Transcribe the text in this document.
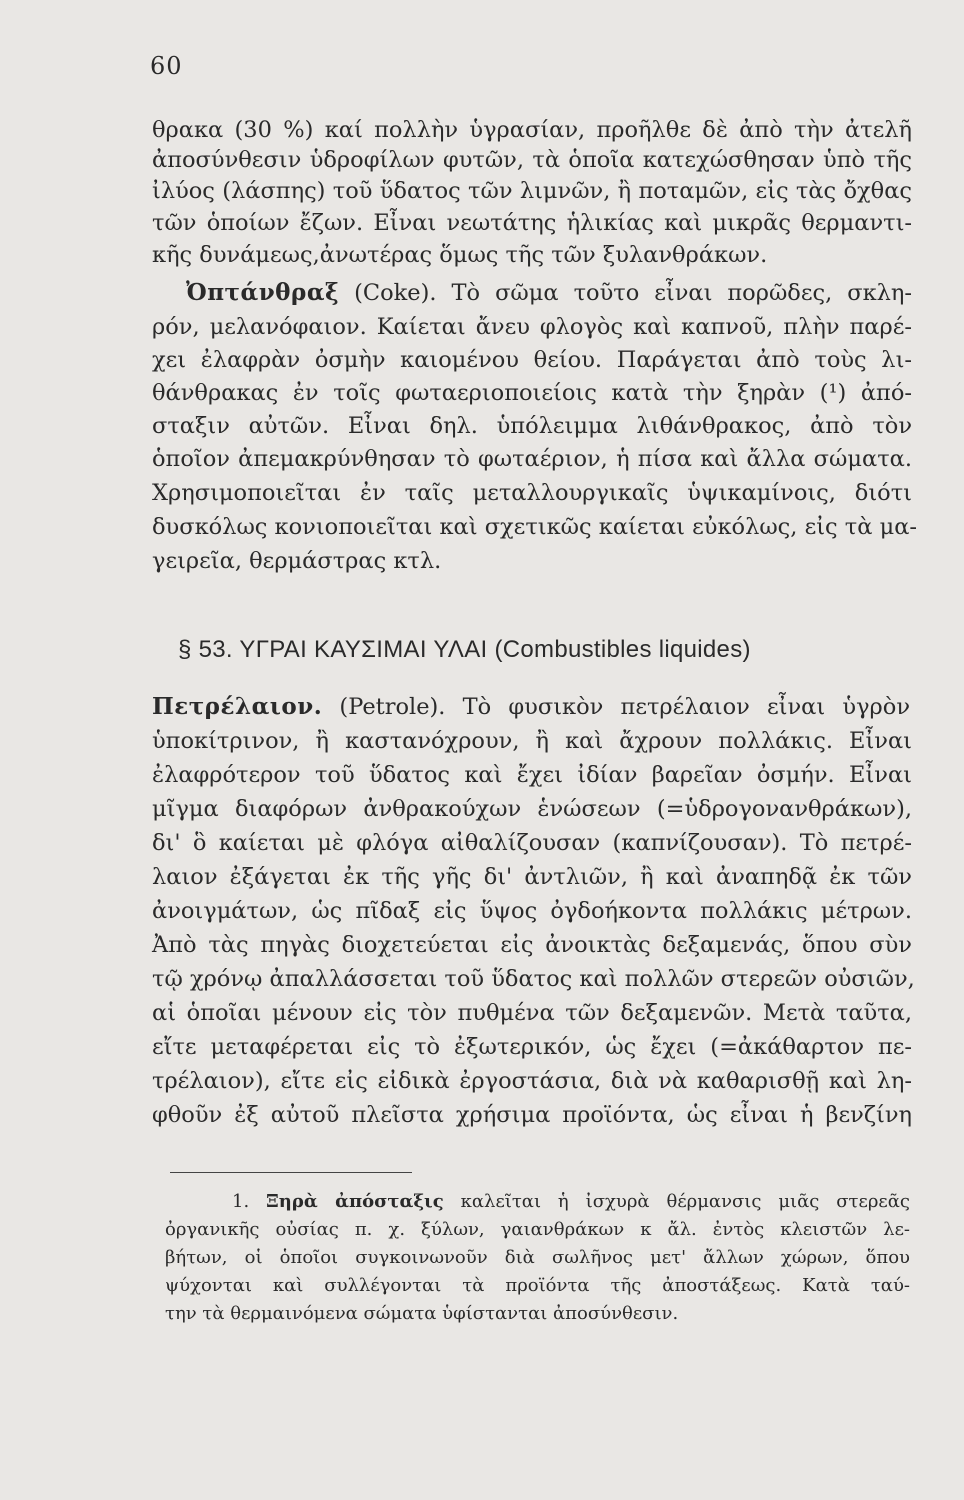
60
θρακα (30 %) καί πολλὴν ὑγρασίαν, προῆλθε δὲ ἀπὸ τὴν ἀτελῆ
ἀποσύνθεσιν ὑδροφίλων φυτῶν, τὰ ὁποῖα κατεχώσθησαν ὑπὸ τῆς
ἰλύος (λάσπης) τοῦ ὕδατος τῶν λιμνῶν, ἢ ποταμῶν, εἰς τὰς ὄχθας
τῶν ὁποίων ἔζων. Εἶναι νεωτάτης ἡλικίας καὶ μικρᾶς θερμαντι-
κῆς δυνάμεως,ἀνωτέρας ὅμως τῆς τῶν ξυλανθράκων.
Ὀπτάνθραξ (Coke). Τὸ σῶμα τοῦτο εἶναι πορῶδες, σκλη-
ρόν, μελανόφαιον. Καίεται ἄνευ φλογὸς καὶ καπνοῦ, πλὴν παρέ-
χει ἐλαφρὰν ὀσμὴν καιομένου θείου. Παράγεται ἀπὸ τοὺς λι-
θάνθρακας ἐν τοῖς φωταεριοποιείοις κατὰ τὴν ξηρὰν (¹) ἀπό-
σταξιν αὐτῶν. Εἶναι δηλ. ὑπόλειμμα λιθάνθρακος, ἀπὸ τὸν
ὁποῖον ἀπεμακρύνθησαν τὸ φωταέριον, ἡ πίσα καὶ ἄλλα σώματα.
Χρησιμοποιεῖται ἐν ταῖς μεταλλουργικαῖς ὑψικαμίνοις, διότι
δυσκόλως κονιοποιεῖται καὶ σχετικῶς καίεται εὐκόλως, εἰς τὰ μα-
γειρεῖα, θερμάστρας κτλ.
§ 53. ΥΓΡΑΙ ΚΑΥΣΙΜΑΙ ΥΛΑΙ (Combustibles liquides)
Πετρέλαιον. (Petrole). Τὸ φυσικὸν πετρέλαιον εἶναι ὑγρὸν
ὑποκίτρινον, ἢ καστανόχρουν, ἢ καὶ ἄχρουν πολλάκις. Εἶναι
ἐλαφρότερον τοῦ ὕδατος καὶ ἔχει ἰδίαν βαρεῖαν ὀσμήν. Εἶναι
μῖγμα διαφόρων ἀνθρακούχων ἑνώσεων (=ὑδρογονανθράκων),
δι' ὃ καίεται μὲ φλόγα αἰθαλίζουσαν (καπνίζουσαν). Τὸ πετρέ-
λαιον ἐξάγεται ἐκ τῆς γῆς δι' ἀντλιῶν, ἢ καὶ ἀναπηδᾷ ἐκ τῶν
ἀνοιγμάτων, ὡς πῖδαξ εἰς ὕψος ὀγδοήκοντα πολλάκις μέτρων.
Ἀπὸ τὰς πηγὰς διοχετεύεται εἰς ἀνοικτὰς δεξαμενάς, ὅπου σὺν
τῷ χρόνῳ ἀπαλλάσσεται τοῦ ὕδατος καὶ πολλῶν στερεῶν οὐσιῶν,
αἱ ὁποῖαι μένουν εἰς τὸν πυθμένα τῶν δεξαμενῶν. Μετὰ ταῦτα,
εἴτε μεταφέρεται εἰς τὸ ἐξωτερικόν, ὡς ἔχει (=ἀκάθαρτον πε-
τρέλαιον), εἴτε εἰς εἰδικὰ ἐργοστάσια, διὰ νὰ καθαρισθῇ καὶ λη-
φθοῦν ἐξ αὐτοῦ πλεῖστα χρήσιμα προϊόντα, ὡς εἶναι ἡ βενζίνη
1. Ξηρὰ ἀπόσταξις καλεῖται ἡ ἰσχυρὰ θέρμανσις μιᾶς στερεᾶς
ὀργανικῆς οὐσίας π. χ. ξύλων, γαιανθράκων κ ἄλ. ἐντὸς κλειστῶν λε-
βήτων, οἱ ὁποῖοι συγκοινωνοῦν διὰ σωλῆνος μετ' ἄλλων χώρων, ὅπου
ψύχονται καὶ συλλέγονται τὰ προϊόντα τῆς ἀποστάξεως. Κατὰ ταύ-
την τὰ θερμαινόμενα σώματα ὑφίστανται ἀποσύνθεσιν.
